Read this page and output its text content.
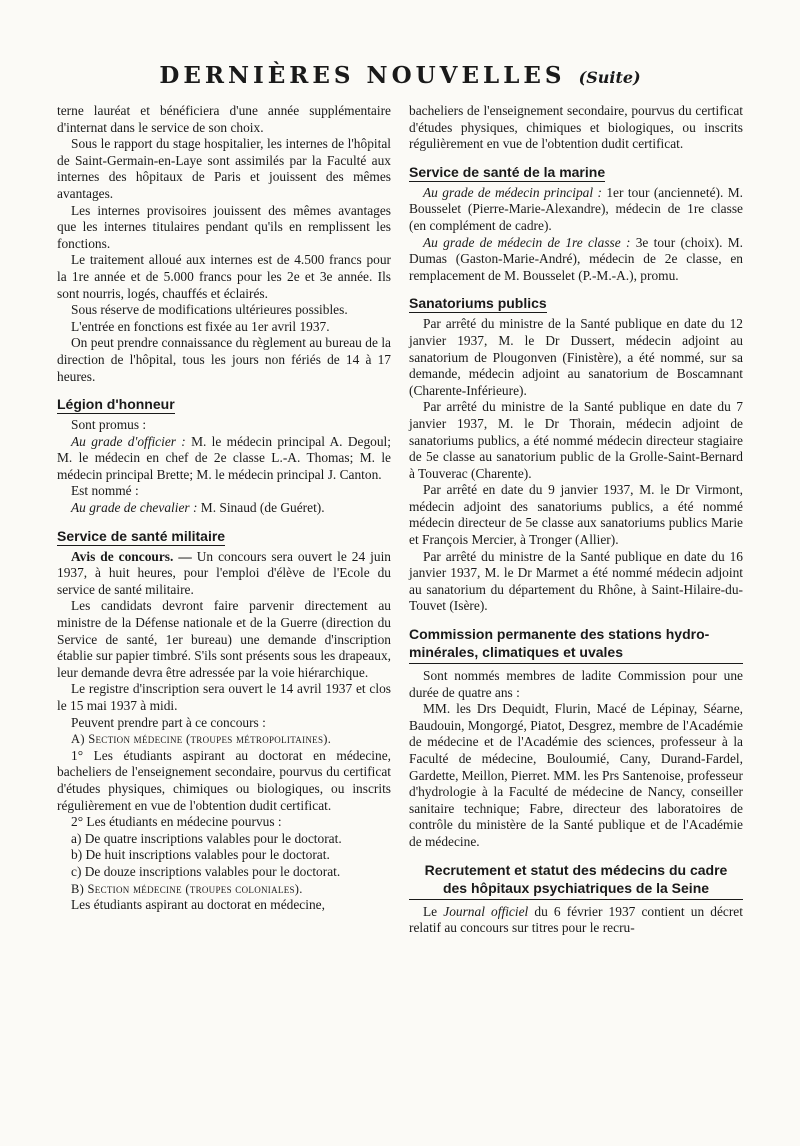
DERNIÈRES NOUVELLES (Suite)

terne lauréat et bénéficiera d'une année supplémentaire d'internat dans le service de son choix.

Sous le rapport du stage hospitalier, les internes de l'hôpital de Saint-Germain-en-Laye sont assimilés par la Faculté aux internes des hôpitaux de Paris et jouissent des mêmes avantages.

Les internes provisoires jouissent des mêmes avantages que les internes titulaires pendant qu'ils en remplissent les fonctions.

Le traitement alloué aux internes est de 4.500 francs pour la 1re année et de 5.000 francs pour les 2e et 3e année. Ils sont nourris, logés, chauffés et éclairés.

Sous réserve de modifications ultérieures possibles.

L'entrée en fonctions est fixée au 1er avril 1937.

On peut prendre connaissance du règlement au bureau de la direction de l'hôpital, tous les jours non fériés de 14 à 17 heures.

Légion d'honneur

Sont promus :

Au grade d'officier : M. le médecin principal A. Degoul; M. le médecin en chef de 2e classe L.-A. Thomas; M. le médecin principal Brette; M. le médecin principal J. Canton.

Est nommé :

Au grade de chevalier : M. Sinaud (de Guéret).

Service de santé militaire

Avis de concours. — Un concours sera ouvert le 24 juin 1937, à huit heures, pour l'emploi d'élève de l'Ecole du service de santé militaire.

Les candidats devront faire parvenir directement au ministre de la Défense nationale et de la Guerre (direction du Service de santé, 1er bureau) une demande d'inscription établie sur papier timbré. S'ils sont présents sous les drapeaux, leur demande devra être adressée par la voie hiérarchique.

Le registre d'inscription sera ouvert le 14 avril 1937 et clos le 15 mai 1937 à midi.

Peuvent prendre part à ce concours :

A) Section médecine (troupes métropolitaines).

1° Les étudiants aspirant au doctorat en médecine, bacheliers de l'enseignement secondaire, pourvus du certificat d'études physiques, chimiques ou biologiques, ou inscrits régulièrement en vue de l'obtention dudit certificat.

2° Les étudiants en médecine pourvus :

a) De quatre inscriptions valables pour le doctorat.

b) De huit inscriptions valables pour le doctorat.

c) De douze inscriptions valables pour le doctorat.

B) Section médecine (troupes coloniales).

Les étudiants aspirant au doctorat en médecine,

bacheliers de l'enseignement secondaire, pourvus du certificat d'études physiques, chimiques et biologiques, ou inscrits régulièrement en vue de l'obtention dudit certificat.

Service de santé de la marine

Au grade de médecin principal : 1er tour (ancienneté). M. Bousselet (Pierre-Marie-Alexandre), médecin de 1re classe (en complément de cadre).

Au grade de médecin de 1re classe : 3e tour (choix). M. Dumas (Gaston-Marie-André), médecin de 2e classe, en remplacement de M. Bousselet (P.-M.-A.), promu.

Sanatoriums publics

Par arrêté du ministre de la Santé publique en date du 12 janvier 1937, M. le Dr Dussert, médecin adjoint au sanatorium de Plougonven (Finistère), a été nommé, sur sa demande, médecin adjoint au sanatorium de Boscamnant (Charente-Inférieure).

Par arrêté du ministre de la Santé publique en date du 7 janvier 1937, M. le Dr Thorain, médecin adjoint de sanatoriums publics, a été nommé médecin directeur stagiaire de 5e classe au sanatorium public de la Grolle-Saint-Bernard à Touverac (Charente).

Par arrêté en date du 9 janvier 1937, M. le Dr Virmont, médecin adjoint des sanatoriums publics, a été nommé médecin directeur de 5e classe aux sanatoriums publics Marie et François Mercier, à Tronger (Allier).

Par arrêté du ministre de la Santé publique en date du 16 janvier 1937, M. le Dr Marmet a été nommé médecin adjoint au sanatorium du département du Rhône, à Saint-Hilaire-du-Touvet (Isère).

Commission permanente des stations hydro-
minérales, climatiques et uvales

Sont nommés membres de ladite Commission pour une durée de quatre ans :

MM. les Drs Dequidt, Flurin, Macé de Lépinay, Séarne, Baudouin, Mongorgé, Piatot, Desgrez, membre de l'Académie de médecine et de l'Académie des sciences, professeur à la Faculté de médecine, Bouloumié, Cany, Durand-Fardel, Gardette, Meillon, Pierret. MM. les Prs Santenoise, professeur d'hydrologie à la Faculté de médecine de Nancy, conseiller sanitaire technique; Fabre, directeur des laboratoires de contrôle du ministère de la Santé publique et de l'Académie de médecine.

Recrutement et statut des médecins du cadre
des hôpitaux psychiatriques de la Seine

Le Journal officiel du 6 février 1937 contient un décret relatif au concours sur titres pour le recru-
